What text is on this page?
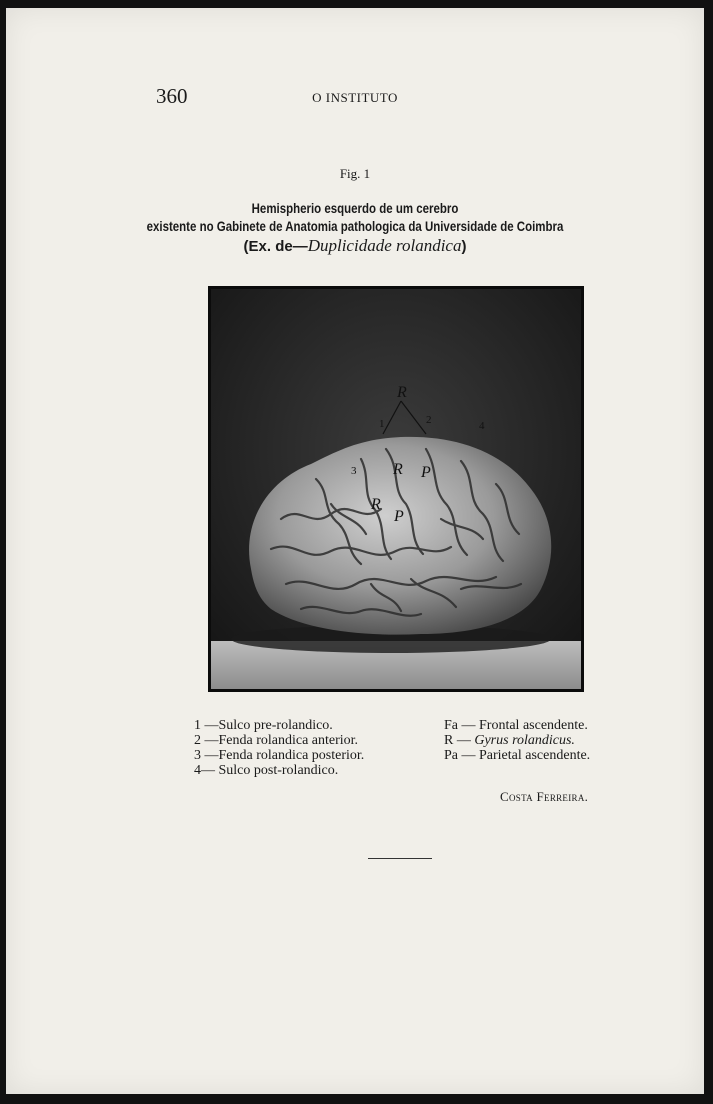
360	O INSTITUTO
Fig. 1
Hemispherio esquerdo de um cerebro
existente no Gabinete de Anatomia pathologica da Universidade de Coimbra
(Ex. de—Duplicidade rolandica)
R
R
R P
P
1	2
3
4
1 —Sulco pre-rolandico.
2 —Fenda rolandica anterior.
3 —Fenda rolandica posterior.
4— Sulco post-rolandico.
Fa — Frontal ascendente.
R — Gyrus rolandicus.
Pa — Parietal ascendente.
Costa Ferreira.
